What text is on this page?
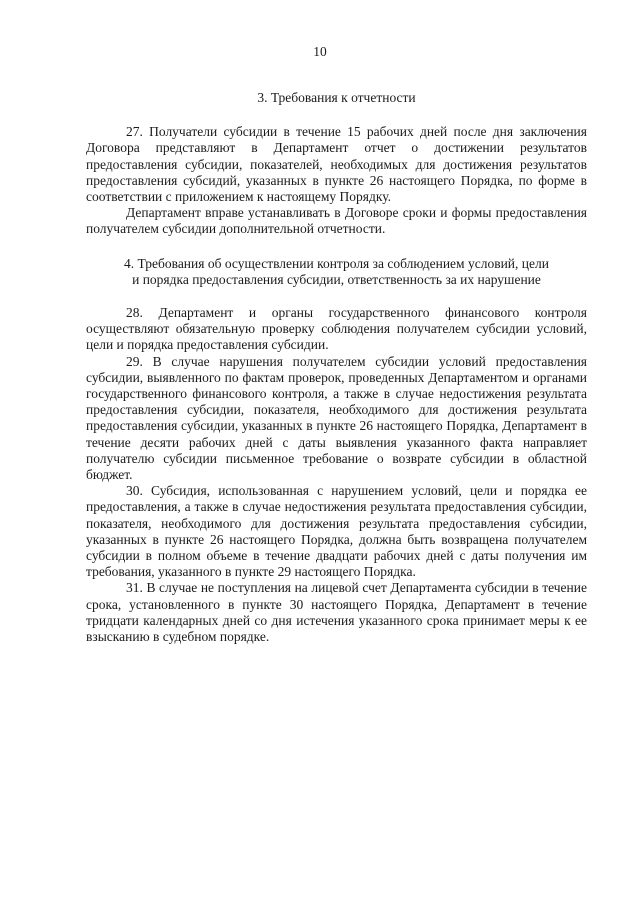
10
3. Требования к отчетности

27. Получатели субсидии в течение 15 рабочих дней после дня заключения Договора представляют в Департамент отчет о достижении результатов предоставления субсидии, показателей, необходимых для достижения результатов предоставления субсидий, указанных в пункте 26 настоящего Порядка, по форме в соответствии с приложением к настоящему Порядку.

Департамент вправе устанавливать в Договоре сроки и формы предоставления получателем субсидии дополнительной отчетности.

4. Требования об осуществлении контроля за соблюдением условий, цели
и порядка предоставления субсидии, ответственность за их нарушение

28. Департамент и органы государственного финансового контроля осуществляют обязательную проверку соблюдения получателем субсидии условий, цели и порядка предоставления субсидии.

29. В случае нарушения получателем субсидии условий предоставления субсидии, выявленного по фактам проверок, проведенных Департаментом и органами государственного финансового контроля, а также в случае недостижения результата предоставления субсидии, показателя, необходимого для достижения результата предоставления субсидии, указанных в пункте 26 настоящего Порядка, Департамент в течение десяти рабочих дней с даты выявления указанного факта направляет получателю субсидии письменное требование о возврате субсидии в областной бюджет.

30. Субсидия, использованная с нарушением условий, цели и порядка ее предоставления, а также в случае недостижения результата предоставления субсидии, показателя, необходимого для достижения результата предоставления субсидии, указанных в пункте 26 настоящего Порядка, должна быть возвращена получателем субсидии в полном объеме в течение двадцати рабочих дней с даты получения им требования, указанного в пункте 29 настоящего Порядка.

31. В случае не поступления на лицевой счет Департамента субсидии в течение срока, установленного в пункте 30 настоящего Порядка, Департамент в течение тридцати календарных дней со дня истечения указанного срока принимает меры к ее взысканию в судебном порядке.
